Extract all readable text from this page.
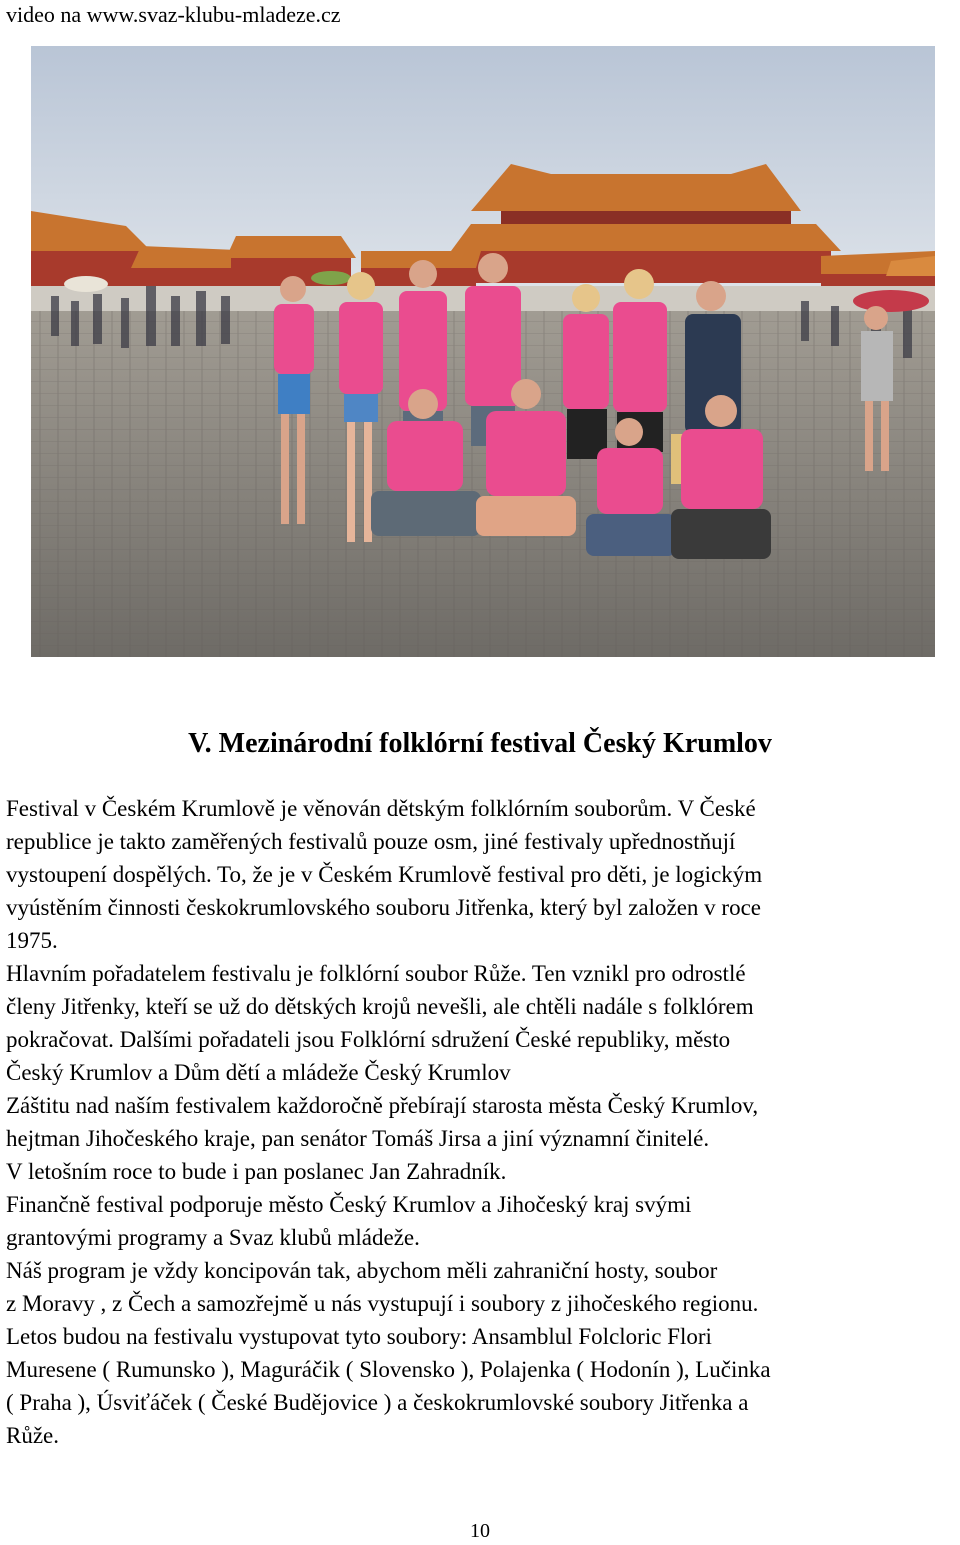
video na www.svaz-klubu-mladeze.cz
V. Mezinárodní folklórní festival Český Krumlov

Festival v Českém Krumlově je věnován dětským folklórním souborům. V České

republice je takto zaměřených festivalů pouze osm, jiné festivaly upřednostňují

vystoupení dospělých. To, že je v Českém Krumlově festival pro děti, je logickým

vyústěním činnosti českokrumlovského souboru Jitřenka, který byl založen v roce

1975.

Hlavním pořadatelem festivalu je folklórní soubor Růže. Ten vznikl pro odrostlé

členy Jitřenky, kteří se už do dětských krojů nevešli, ale chtěli nadále s folklórem

pokračovat. Dalšími pořadateli jsou Folklórní sdružení České republiky, město

Český Krumlov a Dům dětí a mládeže Český Krumlov

Záštitu nad naším festivalem každoročně přebírají starosta města Český Krumlov,

hejtman Jihočeského kraje, pan senátor Tomáš Jirsa a jiní významní činitelé.

V letošním roce to bude i pan poslanec Jan Zahradník.

Finančně festival podporuje město Český Krumlov a Jihočeský kraj svými

grantovými programy a Svaz klubů mládeže.

Náš program je vždy koncipován tak, abychom měli zahraniční hosty, soubor

z Moravy , z Čech a samozřejmě u nás vystupují i soubory z jihočeského regionu.

Letos budou na festivalu vystupovat tyto soubory: Ansamblul Folcloric Flori

Muresene ( Rumunsko ), Maguráčik ( Slovensko ), Polajenka ( Hodonín ), Lučinka

( Praha ), Úsviťáček ( České Budějovice ) a českokrumlovské soubory Jitřenka a

Růže.

10
